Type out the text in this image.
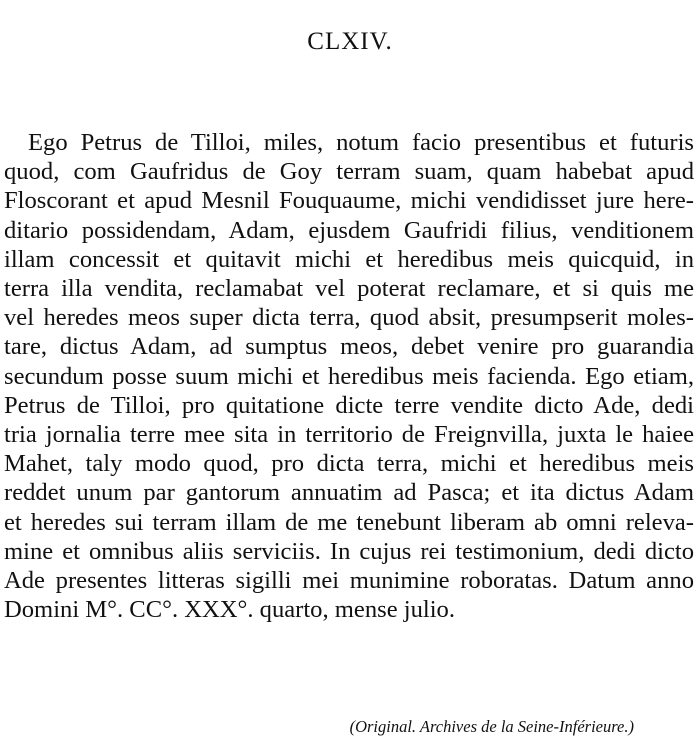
CLXIV.
Ego Petrus de Tilloi, miles, notum facio presentibus et futuris
quod, com Gaufridus de Goy terram suam, quam habebat apud
Floscorant et apud Mesnil Fouquaume, michi vendidisset jure here-
ditario possidendam, Adam, ejusdem Gaufridi filius, venditionem
illam concessit et quitavit michi et heredibus meis quicquid, in
terra illa vendita, reclamabat vel poterat reclamare, et si quis me
vel heredes meos super dicta terra, quod absit, presumpserit moles-
tare, dictus Adam, ad sumptus meos, debet venire pro guarandia
secundum posse suum michi et heredibus meis facienda. Ego etiam,
Petrus de Tilloi, pro quitatione dicte terre vendite dicto Ade, dedi
tria jornalia terre mee sita in territorio de Freignvilla, juxta le haiee
Mahet, taly modo quod, pro dicta terra, michi et heredibus meis
reddet unum par gantorum annuatim ad Pasca; et ita dictus Adam
et heredes sui terram illam de me tenebunt liberam ab omni releva-
mine et omnibus aliis serviciis. In cujus rei testimonium, dedi dicto
Ade presentes litteras sigilli mei munimine roboratas. Datum anno
Domini M°. CC°. XXX°. quarto, mense julio.
(Original. Archives de la Seine-Inférieure.)
